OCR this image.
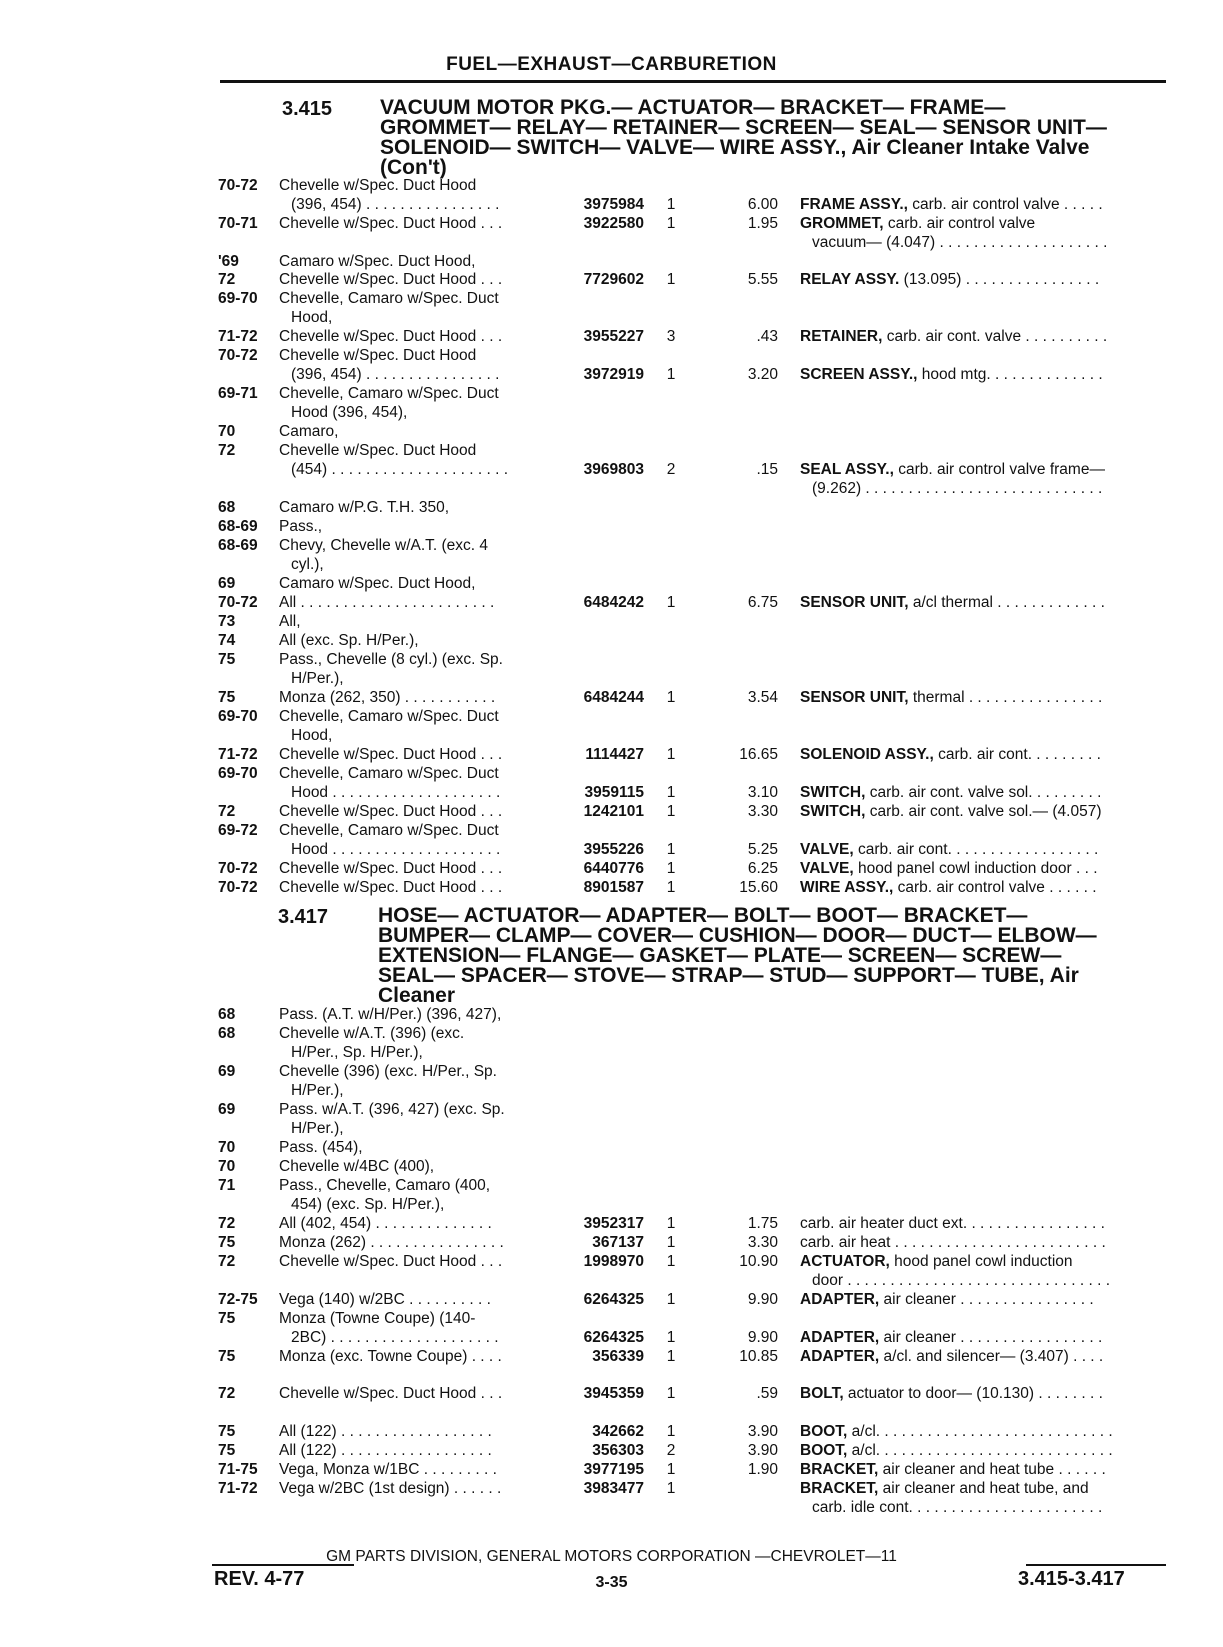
FUEL—EXHAUST—CARBURETION
3.415 VACUUM MOTOR PKG.— ACTUATOR— BRACKET— FRAME—
GROMMET— RELAY— RETAINER— SCREEN— SEAL— SENSOR UNIT—
SOLENOID— SWITCH— VALVE— WIRE ASSY., Air Cleaner Intake Valve
(Con't)
3.417 HOSE— ACTUATOR— ADAPTER— BOLT— BOOT— BRACKET—
BUMPER— CLAMP— COVER— CUSHION— DOOR— DUCT— ELBOW—
EXTENSION— FLANGE— GASKET— PLATE— SCREEN— SCREW—
SEAL— SPACER— STOVE— STRAP— STUD— SUPPORT— TUBE, Air
Cleaner
70-72 Chevelle w/Spec. Duct Hood
(396, 454) . . . . . . . . . . . . . . . .	3975984 1	6.00 FRAME ASSY., carb. air control valve . . . . .
70-71 Chevelle w/Spec. Duct Hood . . .	3922580 1	1.95 GROMMET, carb. air control valve
vacuum— (4.047) . . . . . . . . . . . . . . . . . . . .
'69	Camaro w/Spec. Duct Hood,
72	Chevelle w/Spec. Duct Hood . . .	7729602 1	5.55 RELAY ASSY. (13.095) . . . . . . . . . . . . . . . .
69-70 Chevelle, Camaro w/Spec. Duct
Hood,
71-72 Chevelle w/Spec. Duct Hood . . .	3955227 3	.43 RETAINER, carb. air cont. valve . . . . . . . . . .
70-72 Chevelle w/Spec. Duct Hood
(396, 454) . . . . . . . . . . . . . . . .	3972919 1	3.20 SCREEN ASSY., hood mtg. . . . . . . . . . . . . .
69-71 Chevelle, Camaro w/Spec. Duct
Hood (396, 454),
70	Camaro,
72	Chevelle w/Spec. Duct Hood
(454) . . . . . . . . . . . . . . . . . . . . .	3969803 2	.15 SEAL ASSY., carb. air control valve frame—
(9.262) . . . . . . . . . . . . . . . . . . . . . . . . . . . .
68	Camaro w/P.G. T.H. 350,
68-69 Pass.,
68-69 Chevy, Chevelle w/A.T. (exc. 4
cyl.),
69	Camaro w/Spec. Duct Hood,
70-72 All . . . . . . . . . . . . . . . . . . . . . . .	6484242 1	6.75 SENSOR UNIT, a/cl thermal . . . . . . . . . . . . .
73	All,
74	All (exc. Sp. H/Per.),
75	Pass., Chevelle (8 cyl.) (exc. Sp.
H/Per.),
75	Monza (262, 350) . . . . . . . . . . .	6484244 1	3.54 SENSOR UNIT, thermal . . . . . . . . . . . . . . . .
69-70 Chevelle, Camaro w/Spec. Duct
Hood,
71-72 Chevelle w/Spec. Duct Hood . . .	1114427 1	16.65 SOLENOID ASSY., carb. air cont. . . . . . . . .
69-70 Chevelle, Camaro w/Spec. Duct
Hood . . . . . . . . . . . . . . . . . . . .	3959115 1	3.10 SWITCH, carb. air cont. valve sol. . . . . . . . .
72	Chevelle w/Spec. Duct Hood . . .	1242101 1	3.30 SWITCH, carb. air cont. valve sol.— (4.057)
69-72 Chevelle, Camaro w/Spec. Duct
Hood . . . . . . . . . . . . . . . . . . . .	3955226 1	5.25 VALVE, carb. air cont. . . . . . . . . . . . . . . . . .
70-72 Chevelle w/Spec. Duct Hood . . .	6440776 1	6.25 VALVE, hood panel cowl induction door . . .
70-72 Chevelle w/Spec. Duct Hood . . .	8901587 1	15.60 WIRE ASSY., carb. air control valve . . . . . .
68	Pass. (A.T. w/H/Per.) (396, 427),
68	Chevelle w/A.T. (396) (exc.
H/Per., Sp. H/Per.),
69	Chevelle (396) (exc. H/Per., Sp.
H/Per.),
69	Pass. w/A.T. (396, 427) (exc. Sp.
H/Per.),
70	Pass. (454),
70	Chevelle w/4BC (400),
71	Pass., Chevelle, Camaro (400,
454) (exc. Sp. H/Per.),
72	All (402, 454) . . . . . . . . . . . . . .	3952317 1	1.75 carb. air heater duct ext. . . . . . . . . . . . . . . . .
75	Monza (262) . . . . . . . . . . . . . . . .	367137 1	3.30 carb. air heat . . . . . . . . . . . . . . . . . . . . . . . . .
72	Chevelle w/Spec. Duct Hood . . .	1998970 1	10.90 ACTUATOR, hood panel cowl induction
door . . . . . . . . . . . . . . . . . . . . . . . . . . . . . . .
72-75 Vega (140) w/2BC . . . . . . . . . .	6264325 1	9.90 ADAPTER, air cleaner . . . . . . . . . . . . . . . .
75	Monza (Towne Coupe) (140-
2BC) . . . . . . . . . . . . . . . . . . . .	6264325 1	9.90 ADAPTER, air cleaner . . . . . . . . . . . . . . . . .
75	Monza (exc. Towne Coupe) . . . .	356339 1	10.85 ADAPTER, a/cl. and silencer— (3.407) . . . .
72	Chevelle w/Spec. Duct Hood . . .	3945359 1	.59 BOLT, actuator to door— (10.130) . . . . . . . .
75	All (122) . . . . . . . . . . . . . . . . . .	342662 1	3.90 BOOT, a/cl. . . . . . . . . . . . . . . . . . . . . . . . . . . .
75	All (122) . . . . . . . . . . . . . . . . . .	356303 2	3.90 BOOT, a/cl. . . . . . . . . . . . . . . . . . . . . . . . . . . .
71-75 Vega, Monza w/1BC . . . . . . . . .	3977195 1	1.90 BRACKET, air cleaner and heat tube . . . . . .
71-72 Vega w/2BC (1st design) . . . . . .	3983477 1	BRACKET, air cleaner and heat tube, and
carb. idle cont. . . . . . . . . . . . . . . . . . . . . . .
GM PARTS DIVISION, GENERAL MOTORS CORPORATION —CHEVROLET—11
REV. 4-77	3-35	3.415-3.417
